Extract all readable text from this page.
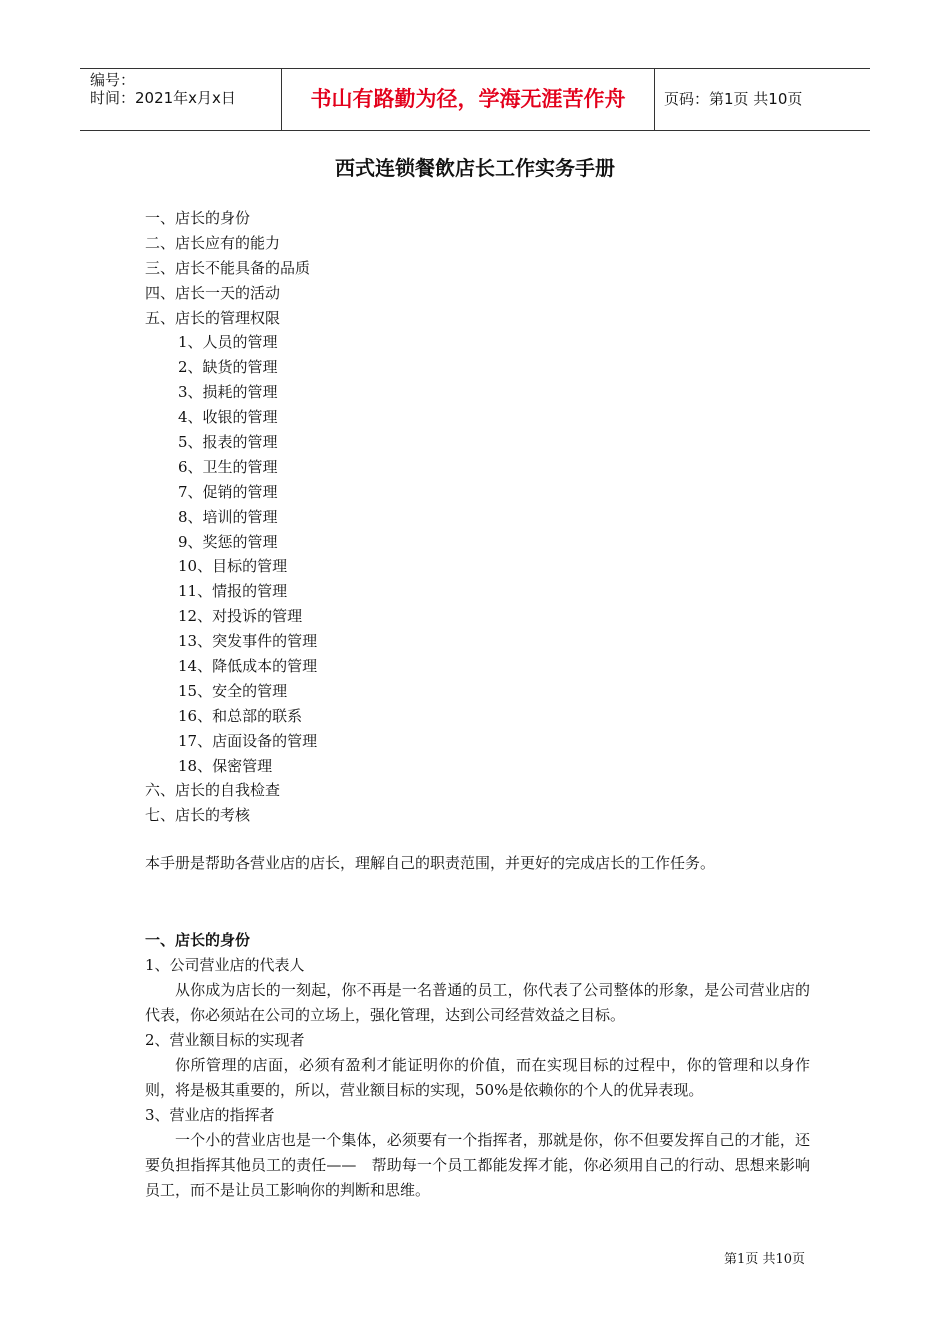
编号：
时间：2021年x月x日	书山有路勤为径，学海无涯苦作舟	页码：第1页 共10页
西式连锁餐飲店长工作实务手册
一、店长的身份
二、店长应有的能力
三、店长不能具备的品质
四、店长一天的活动
五、店长的管理权限
1、人员的管理
2、缺货的管理
3、损耗的管理
4、收银的管理
5、报表的管理
6、卫生的管理
7、促销的管理
8、培训的管理
9、奖惩的管理
10、目标的管理
11、情报的管理
12、对投诉的管理
13、突发事件的管理
14、降低成本的管理
15、安全的管理
16、和总部的联系
17、店面设备的管理
18、保密管理
六、店长的自我检查
七、店长的考核
本手册是帮助各营业店的店长，理解自己的职责范围，并更好的完成店长的工作任务。
一、店长的身份
1、公司营业店的代表人
从你成为店长的一刻起，你不再是一名普通的员工，你代表了公司整体的形象，是公司营业店的代表，你必须站在公司的立场上，强化管理，达到公司经营效益之目标。
2、营业额目标的实现者
你所管理的店面，必须有盈利才能证明你的价值，而在实现目标的过程中，你的管理和以身作则，将是极其重要的，所以，营业额目标的实现，50%是依赖你的个人的优异表现。
3、营业店的指挥者
一个小的营业店也是一个集体，必须要有一个指挥者，那就是你，你不但要发挥自己的才能，还要负担指挥其他员工的责任——　帮助每一个员工都能发挥才能，你必须用自己的行动、思想来影响员工，而不是让员工影响你的判断和思维。
第1页 共10页
